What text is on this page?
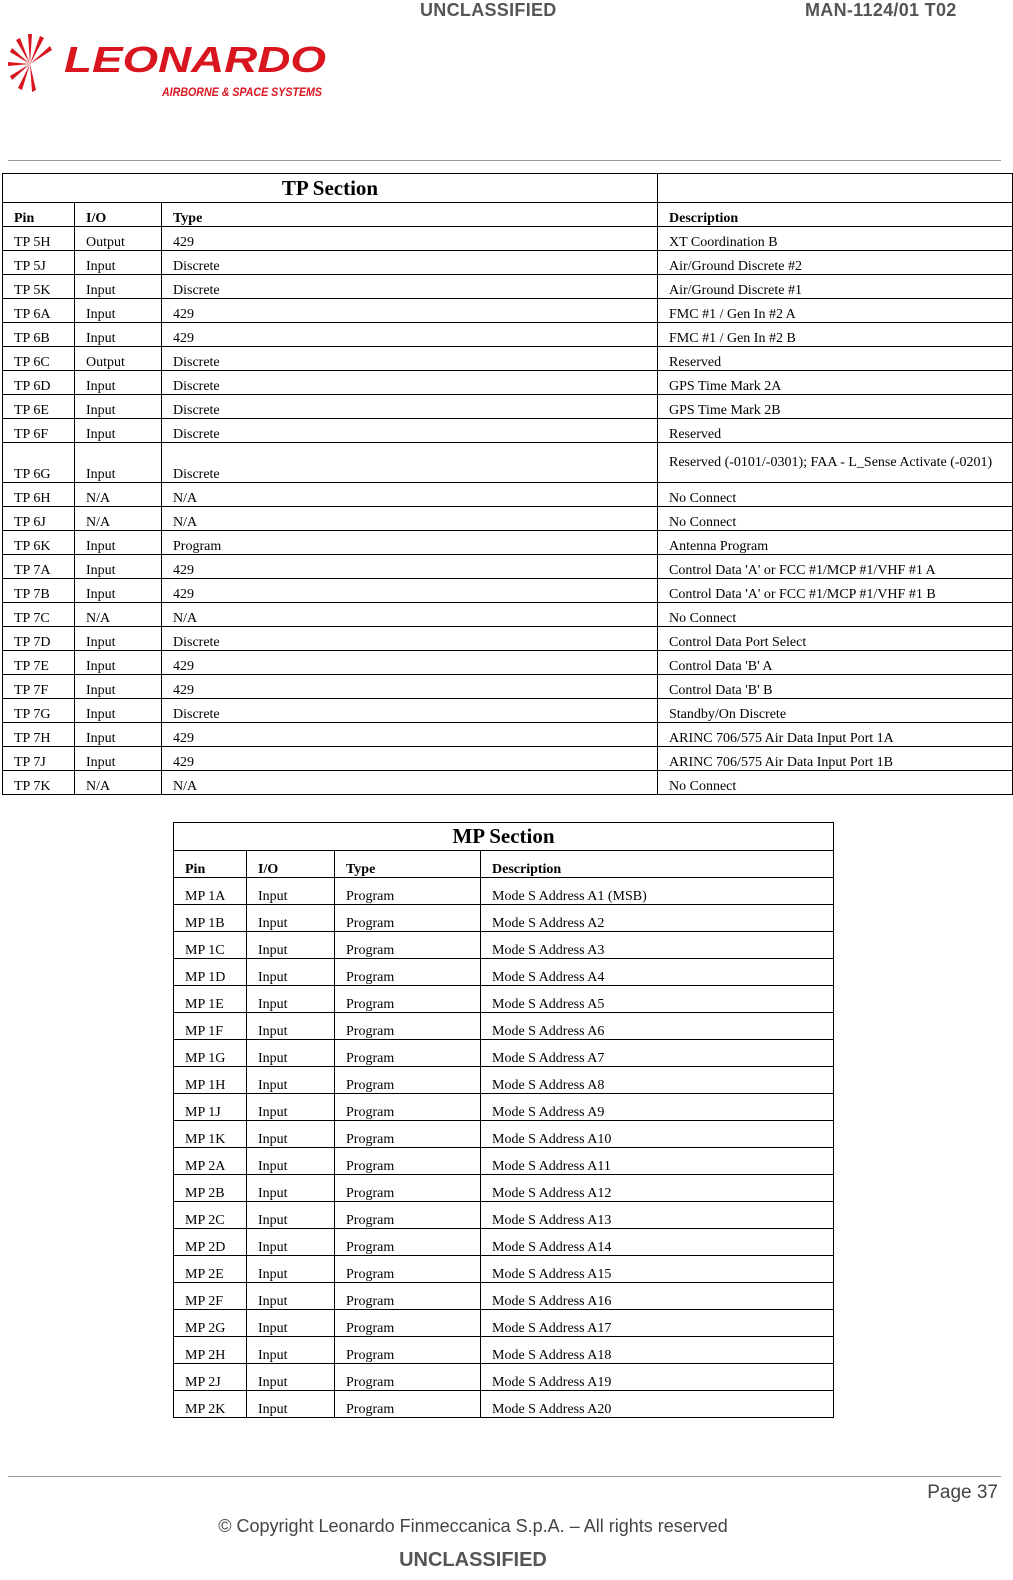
UNCLASSIFIED	MAN-1124/01 T02
LEONARDO
AIRBORNE & SPACE SYSTEMS
TP Section			
Pin	I/O	Type	Description
TP 5H	Output	429	XT Coordination B
TP 5J	Input	Discrete	Air/Ground Discrete #2
TP 5K	Input	Discrete	Air/Ground Discrete #1
TP 6A	Input	429	FMC #1 / Gen In #2 A
TP 6B	Input	429	FMC #1 / Gen In #2 B
TP 6C	Output	Discrete	Reserved
TP 6D	Input	Discrete	GPS Time Mark 2A
TP 6E	Input	Discrete	GPS Time Mark 2B
TP 6F	Input	Discrete	Reserved
TP 6G	Input	Discrete	Reserved (-0101/-0301); FAA - L_Sense Activate (-0201)
TP 6H	N/A	N/A	No Connect
TP 6J	N/A	N/A	No Connect
TP 6K	Input	Program	Antenna Program
TP 7A	Input	429	Control Data 'A' or FCC #1/MCP #1/VHF #1 A
TP 7B	Input	429	Control Data 'A' or FCC #1/MCP #1/VHF #1 B
TP 7C	N/A	N/A	No Connect
TP 7D	Input	Discrete	Control Data Port Select
TP 7E	Input	429	Control Data 'B' A
TP 7F	Input	429	Control Data 'B' B
TP 7G	Input	Discrete	Standby/On Discrete
TP 7H	Input	429	ARINC 706/575 Air Data Input Port 1A
TP 7J	Input	429	ARINC 706/575 Air Data Input Port 1B
TP 7K	N/A	N/A	No Connect
MP Section			
Pin	I/O	Type	Description
MP 1A	Input	Program	Mode S Address A1 (MSB)
MP 1B	Input	Program	Mode S Address A2
MP 1C	Input	Program	Mode S Address A3
MP 1D	Input	Program	Mode S Address A4
MP 1E	Input	Program	Mode S Address A5
MP 1F	Input	Program	Mode S Address A6
MP 1G	Input	Program	Mode S Address A7
MP 1H	Input	Program	Mode S Address A8
MP 1J	Input	Program	Mode S Address A9
MP 1K	Input	Program	Mode S Address A10
MP 2A	Input	Program	Mode S Address A11
MP 2B	Input	Program	Mode S Address A12
MP 2C	Input	Program	Mode S Address A13
MP 2D	Input	Program	Mode S Address A14
MP 2E	Input	Program	Mode S Address A15
MP 2F	Input	Program	Mode S Address A16
MP 2G	Input	Program	Mode S Address A17
MP 2H	Input	Program	Mode S Address A18
MP 2J	Input	Program	Mode S Address A19
MP 2K	Input	Program	Mode S Address A20
Page 37
© Copyright Leonardo Finmeccanica S.p.A. – All rights reserved
UNCLASSIFIED
